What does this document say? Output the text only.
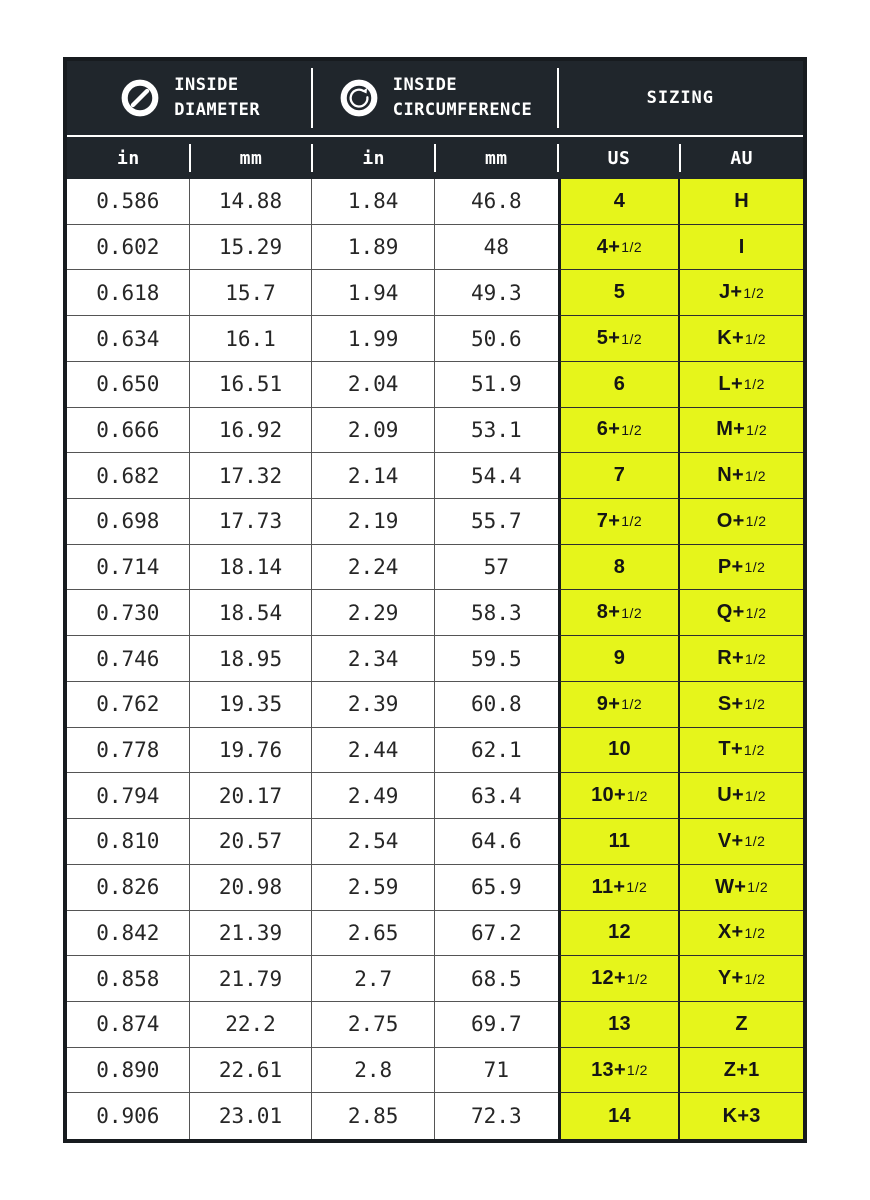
INSIDE
DIAMETER
INSIDE
CIRCUMFERENCE
SIZING
in	mm	in	mm	US	AU
0.586	14.88	1.84	46.8	4	H
0.602	15.29	1.89	48	4+ 1/2	I
0.618	15.7	1.94	49.3	5	J+ 1/2
0.634	16.1	1.99	50.6	5+ 1/2	K+ 1/2
0.650	16.51	2.04	51.9	6	L+ 1/2
0.666	16.92	2.09	53.1	6+ 1/2	M+ 1/2
0.682	17.32	2.14	54.4	7	N+ 1/2
0.698	17.73	2.19	55.7	7+ 1/2	O+ 1/2
0.714	18.14	2.24	57	8	P+ 1/2
0.730	18.54	2.29	58.3	8+ 1/2	Q+ 1/2
0.746	18.95	2.34	59.5	9	R+ 1/2
0.762	19.35	2.39	60.8	9+ 1/2	S+ 1/2
0.778	19.76	2.44	62.1	10	T+ 1/2
0.794	20.17	2.49	63.4	10+ 1/2	U+ 1/2
0.810	20.57	2.54	64.6	11	V+ 1/2
0.826	20.98	2.59	65.9	11+ 1/2	W+ 1/2
0.842	21.39	2.65	67.2	12	X+ 1/2
0.858	21.79	2.7	68.5	12+ 1/2	Y+ 1/2
0.874	22.2	2.75	69.7	13	Z
0.890	22.61	2.8	71	13+ 1/2	Z+1
0.906	23.01	2.85	72.3	14	K+3
